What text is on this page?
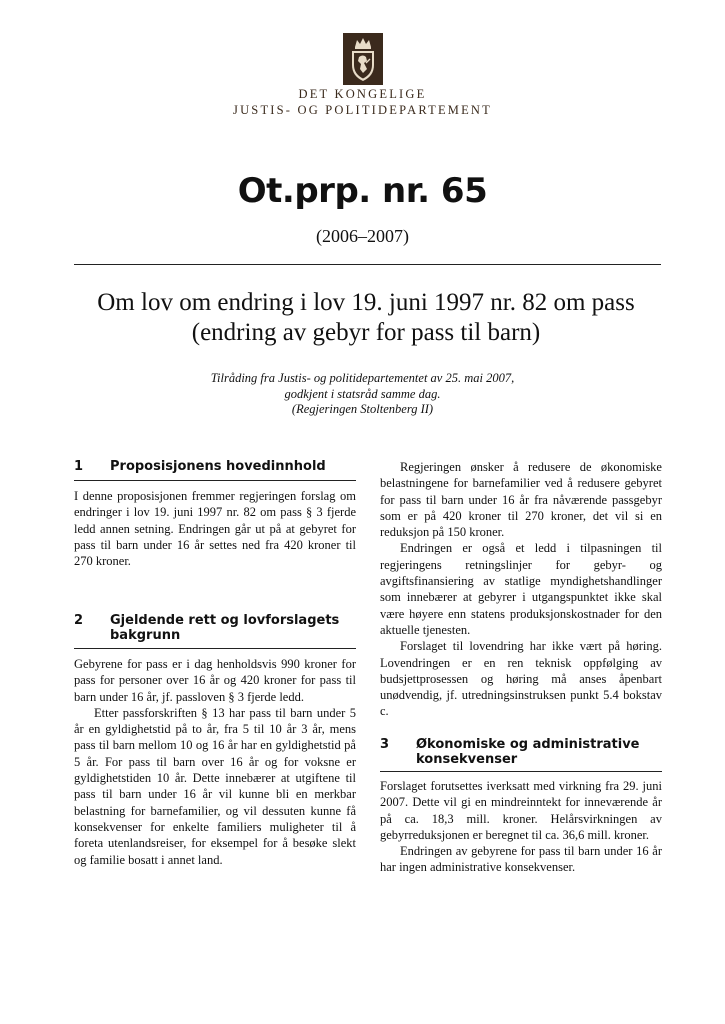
DET KONGELIGE
JUSTIS- OG POLITIDEPARTEMENT
Ot.prp. nr. 65
(2006–2007)
Om lov om endring i lov 19. juni 1997 nr. 82 om pass
(endring av gebyr for pass til barn)
Tilråding fra Justis- og politidepartementet av 25. mai 2007,
godkjent i statsråd samme dag.
(Regjeringen Stoltenberg II)
1 Proposisjonens hovedinnhold

I denne proposisjonen fremmer regjeringen forslag om endringer i lov 19. juni 1997 nr. 82 om pass § 3 fjerde ledd annen setning. Endringen går ut på at gebyret for pass til barn under 16 år settes ned fra 420 kroner til 270 kroner.

2 Gjeldende rett og lovforslagets bakgrunn

Gebyrene for pass er i dag henholdsvis 990 kroner for pass for personer over 16 år og 420 kroner for pass til barn under 16 år, jf. passloven § 3 fjerde ledd.

Etter passforskriften § 13 har pass til barn under 5 år en gyldighetstid på to år, fra 5 til 10 år 3 år, mens pass til barn mellom 10 og 16 år har en gyldighetstid på 5 år. For pass til barn over 16 år og for voksne er gyldighetstiden 10 år. Dette innebærer at utgiftene til pass til barn under 16 år vil kunne bli en merkbar belastning for barnefamilier, og vil dessuten kunne få konsekvenser for enkelte familiers muligheter til å foreta utenlandsreiser, for eksempel for å besøke slekt og familie bosatt i annet land.

Regjeringen ønsker å redusere de økonomiske belastningene for barnefamilier ved å redusere gebyret for pass til barn under 16 år fra nåværende passgebyr som er på 420 kroner til 270 kroner, det vil si en reduksjon på 150 kroner.

Endringen er også et ledd i tilpasningen til regjeringens retningslinjer for gebyr- og avgiftsfinansiering av statlige myndighetshandlinger som innebærer at gebyrer i utgangspunktet ikke skal være høyere enn statens produksjonskostnader for den aktuelle tjenesten.

Forslaget til lovendring har ikke vært på høring. Lovendringen er en ren teknisk oppfølging av budsjettprosessen og høring må anses åpenbart unødvendig, jf. utredningsinstruksen punkt 5.4 bokstav c.

3 Økonomiske og administrative konsekvenser

Forslaget forutsettes iverksatt med virkning fra 29. juni 2007. Dette vil gi en mindreinntekt for inneværende år på ca. 18,3 mill. kroner. Helårsvirkningen av gebyrreduksjonen er beregnet til ca. 36,6 mill. kroner.

Endringen av gebyrene for pass til barn under 16 år har ingen administrative konsekvenser.
